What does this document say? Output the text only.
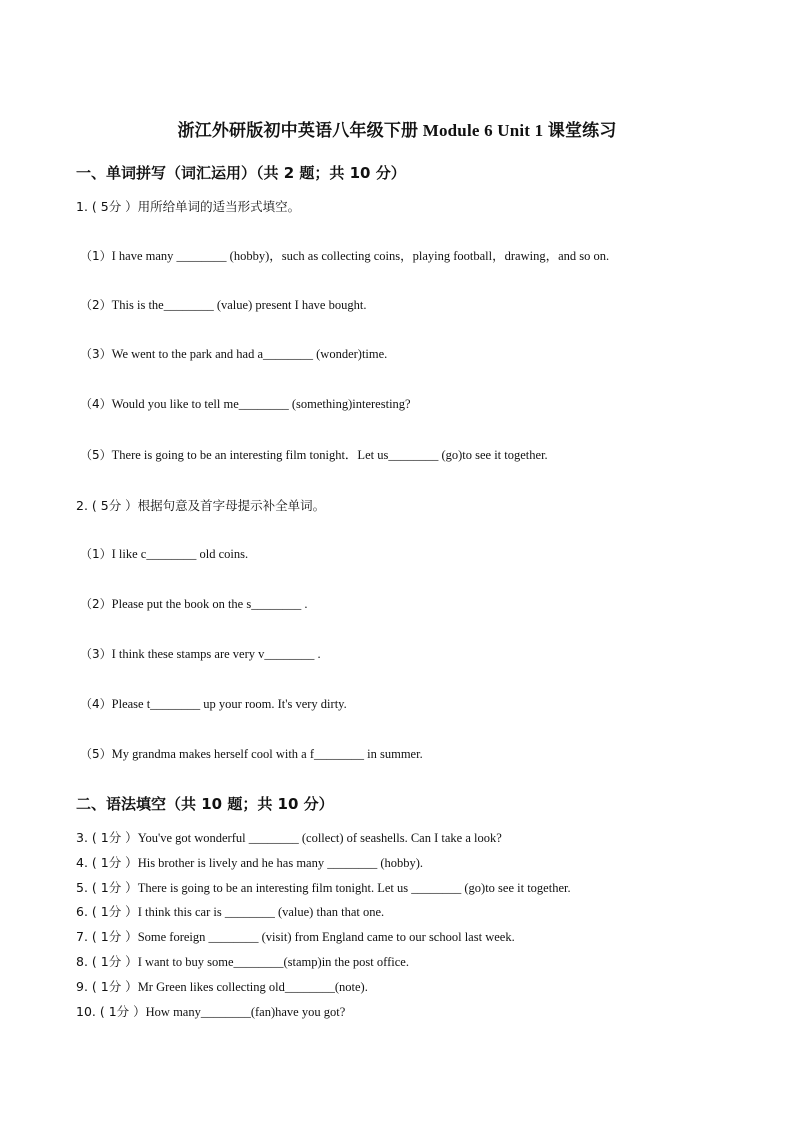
浙江外研版初中英语八年级下册 Module 6 Unit 1 课堂练习
一、单词拼写（词汇运用）（共 2 题；共 10 分）
1. ( 5分 ）用所给单词的适当形式填空。
（1）I have many ________ (hobby)，such as collecting coins，playing football，drawing，and so on.
（2）This is the________ (value) present I have bought.
（3）We went to the park and had a________ (wonder)time.
（4）Would you like to tell me________ (something)interesting?
（5）There is going to be an interesting film tonight．Let us________ (go)to see it together.
2. ( 5分 ）根据句意及首字母提示补全单词。
（1）I like c________ old coins.
（2）Please put the book on the s________ .
（3）I think these stamps are very v________ .
（4）Please t________ up your room. It's very dirty.
（5）My grandma makes herself cool with a f________ in summer.
二、语法填空（共 10 题；共 10 分）
3. ( 1分 ）You've got wonderful ________ (collect) of seashells. Can I take a look?
4. ( 1分 ）His brother is lively and he has many ________ (hobby).
5. ( 1分 ）There is going to be an interesting film tonight. Let us ________ (go)to see it together.
6. ( 1分 ）I think this car is ________ (value) than that one.
7. ( 1分 ）Some foreign ________ (visit) from England came to our school last week.
8. ( 1分 ）I want to buy some________(stamp)in the post office.
9. ( 1分 ）Mr Green likes collecting old________(note).
10. ( 1分 ）How many________(fan)have you got?
